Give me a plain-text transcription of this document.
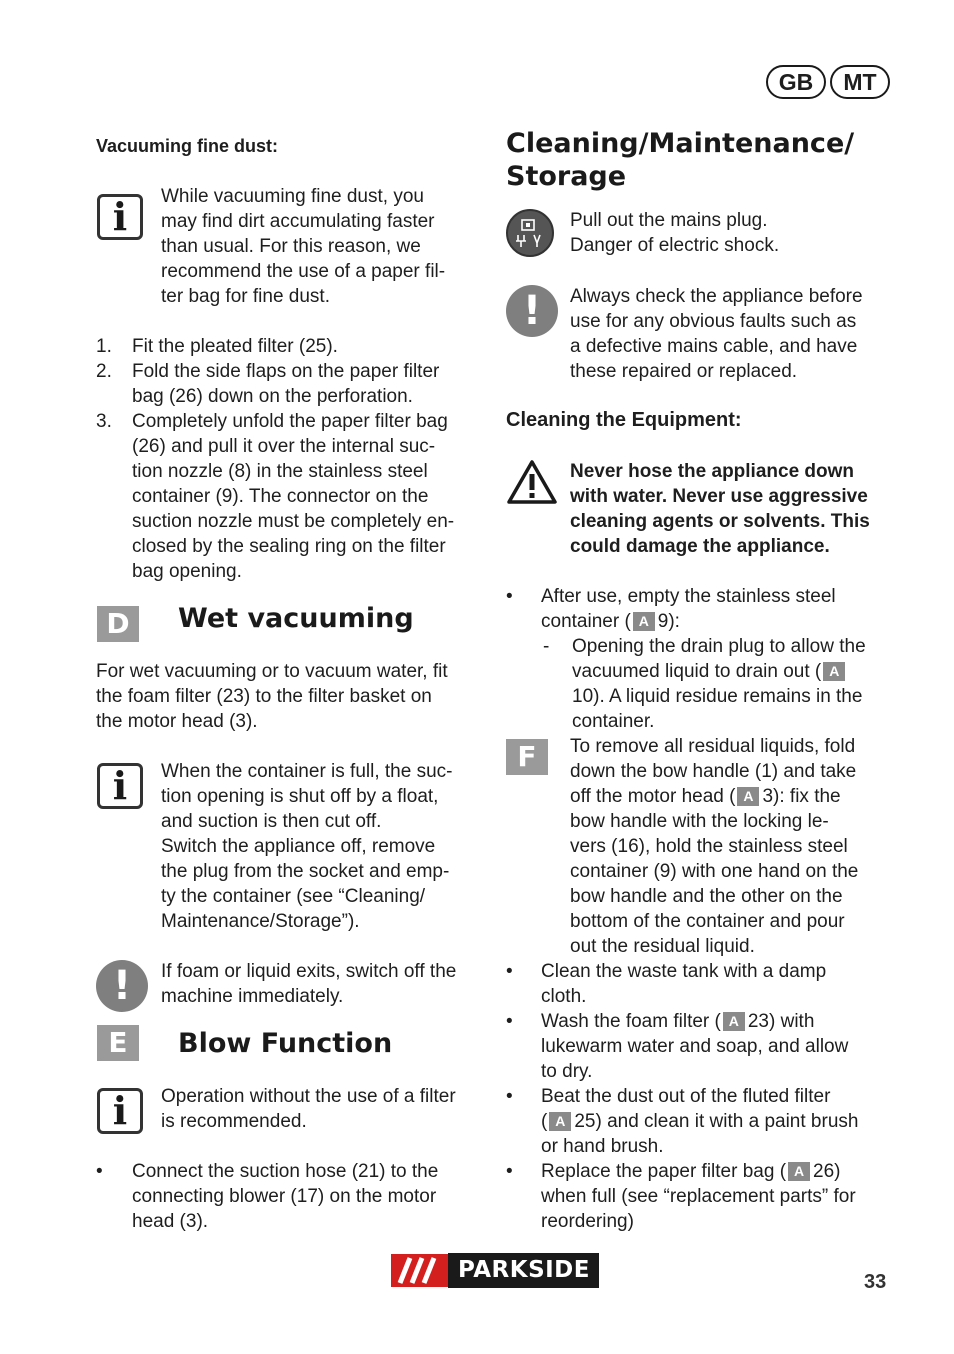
GB	MT
Vacuuming fine dust:
i	While vacuuming fine dust, you
may find dirt accumulating faster
than usual. For this reason, we
recommend the use of a paper fil-
ter bag for fine dust.
1. Fit the pleated filter (25).
2. Fold the side flaps on the paper filter
bag (26) down on the perforation.
3. Completely unfold the paper filter bag
(26) and pull it over the internal suc-
tion nozzle (8) in the stainless steel
container (9). The connector on the
suction nozzle must be completely en-
closed by the sealing ring on the filter
bag opening.
D	Wet vacuuming
For wet vacuuming or to vacuum water, fit
the foam filter (23) to the filter basket on
the motor head (3).
i	When the container is full, the suc-
tion opening is shut off by a float,
and suction is then cut off.
Switch the appliance off, remove
the plug from the socket and emp-
ty the container (see “Cleaning/
Maintenance/Storage”).
!	If foam or liquid exits, switch off the
machine immediately.
E	Blow Function
i	Operation without the use of a filter
is recommended.
• Connect the suction hose (21) to the
connecting blower (17) on the motor
head (3).
Cleaning/Maintenance/
Storage
Pull out the mains plug.
Danger of electric shock.
!	Always check the appliance before
use for any obvious faults such as
a defective mains cable, and have
these repaired or replaced.
Cleaning the Equipment:
Never hose the appliance down
with water. Never use aggressive
cleaning agents or solvents. This
could damage the appliance.
• After use, empty the stainless steel
container ( A 9):
- Opening the drain plug to allow the
vacuumed liquid to drain out ( A
10). A liquid residue remains in the
container.
F	To remove all residual liquids, fold
down the bow handle (1) and take
off the motor head ( A 3): fix the
bow handle with the locking le-
vers (16), hold the stainless steel
container (9) with one hand on the
bow handle and the other on the
bottom of the container and pour
out the residual liquid.
• Clean the waste tank with a damp
cloth.
• Wash the foam filter ( A 23) with
lukewarm water and soap, and allow
to dry.
• Beat the dust out of the fluted filter
( A 25) and clean it with a paint brush
or hand brush.
• Replace the paper filter bag ( A 26)
when full (see “replacement parts” for
reordering)
PARKSIDE	33
